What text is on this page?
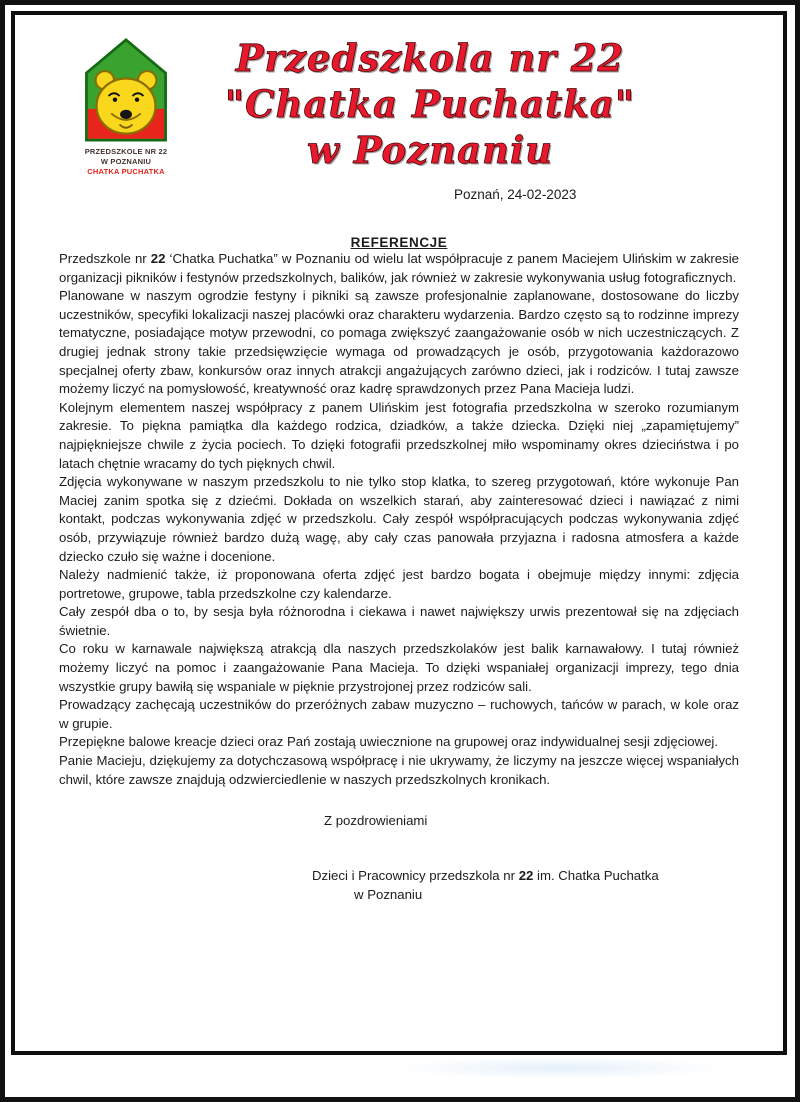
PRZEDSZKOLE NR 22
W POZNANIU
CHATKA PUCHATKA
Przedszkola nr 22
"Chatka Puchatka"
w Poznaniu
Poznań, 24-02-2023
REFERENCJE

Przedszkole nr 22 ‘Chatka Puchatka” w Poznaniu od wielu lat współpracuje z panem Maciejem Ulińskim w zakresie organizacji pikników i festynów przedszkolnych, balików, jak również w zakresie wykonywania usług fotograficznych.

Planowane w naszym ogrodzie festyny i pikniki są zawsze profesjonalnie zaplanowane, dostosowane do liczby uczestników, specyfiki lokalizacji naszej placówki oraz charakteru wydarzenia. Bardzo często są to rodzinne imprezy tematyczne, posiadające motyw przewodni, co pomaga zwiększyć zaangażowanie osób w nich uczestniczących. Z drugiej jednak strony takie przedsięwzięcie wymaga od prowadzących je osób, przygotowania każdorazowo specjalnej oferty zbaw, konkursów oraz innych atrakcji angażujących zarówno dzieci, jak i rodziców. I tutaj zawsze możemy liczyć na pomysłowość, kreatywność oraz kadrę sprawdzonych przez Pana Macieja ludzi.

Kolejnym elementem naszej współpracy z panem Ulińskim jest fotografia przedszkolna w szeroko rozumianym zakresie. To piękna pamiątka dla każdego rodzica, dziadków, a także dziecka. Dzięki niej „zapamiętujemy” najpiękniejsze chwile z życia pociech. To dzięki fotografii przedszkolnej miło wspominamy okres dzieciństwa i po latach chętnie wracamy do tych pięknych chwil.

Zdjęcia wykonywane w naszym przedszkolu to nie tylko stop klatka, to szereg przygotowań, które wykonuje Pan Maciej zanim spotka się z dziećmi. Dokłada on wszelkich starań, aby zainteresować dzieci i nawiązać z nimi kontakt, podczas wykonywania zdjęć w przedszkolu. Cały zespół współpracujących podczas wykonywania zdjęć osób, przywiązuje również bardzo dużą wagę, aby cały czas panowała przyjazna i radosna atmosfera a każde dziecko czuło się ważne i docenione.

Należy nadmienić także, iż proponowana oferta zdjęć jest bardzo bogata i obejmuje między innymi: zdjęcia portretowe, grupowe, tabla przedszkolne czy kalendarze.

Cały zespół dba o to, by sesja była różnorodna i ciekawa i nawet największy urwis prezentował się na zdjęciach świetnie.

Co roku w karnawale największą atrakcją dla naszych przedszkolaków jest balik karnawałowy. I tutaj również możemy liczyć na pomoc i zaangażowanie Pana Macieja. To dzięki wspaniałej organizacji imprezy, tego dnia wszystkie grupy bawiłą się wspaniale w pięknie przystrojonej przez rodziców sali.

Prowadzący zachęcają uczestników do przeróżnych zabaw muzyczno – ruchowych, tańców w parach, w kole oraz w grupie.

Przepiękne balowe kreacje dzieci oraz Pań zostają uwiecznione na grupowej oraz indywidualnej sesji zdjęciowej.

Panie Macieju, dziękujemy za dotychczasową współpracę i nie ukrywamy, że liczymy na jeszcze więcej wspaniałych chwil, które zawsze znajdują odzwierciedlenie w naszych przedszkolnych kronikach.

Z pozdrowieniami
Dzieci i Pracownicy przedszkola nr 22 im. Chatka Puchatka
w Poznaniu
